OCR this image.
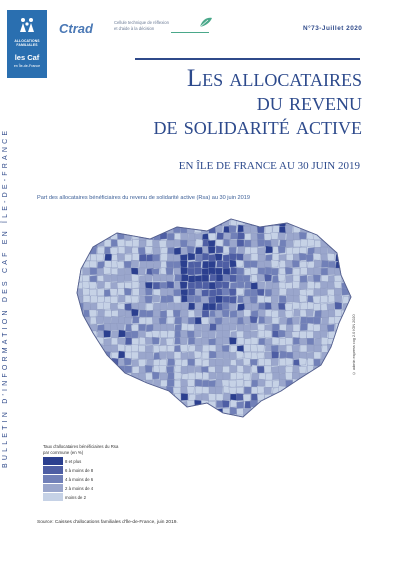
ALLOCATIONS
FAMILIALES
les Caf
en Île-de-France
Ctrad	Cellule technique de réflexion
et d'aide à la décision	N°73-Juillet 2020
BULLETIN D'INFORMATION DES CAF EN ÎLE-DE-FRANCE
Les allocataires
du revenu
de solidarité active
EN ÎLE DE FRANCE AU 30 JUIN 2019
Part des allocataires bénéficiaires du revenu de solidarité active (Rsa) au 30 juin 2019
© admin express cog 2.0 IGN 2020
Taux d'allocataires bénéficiaires du Rsa
par commune (en %)
8 et plus
6 à moins de 8
4 à moins de 6
2 à moins de 4
moins de 2
Source: Caisses d'allocations familiales d'Île-de-France, juin 2019.
